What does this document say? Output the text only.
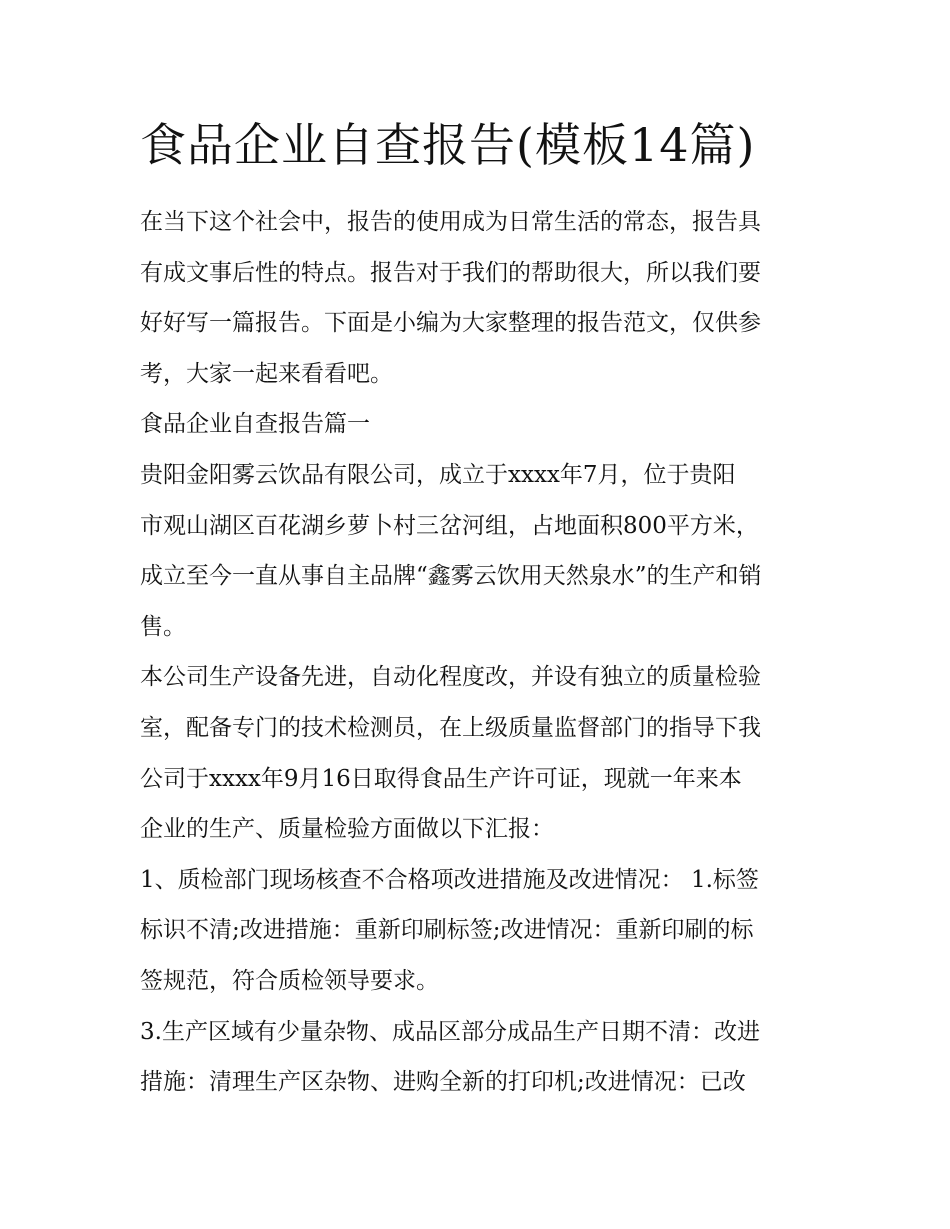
食品企业自查报告(模板14篇)
在当下这个社会中，报告的使用成为日常生活的常态，报告具
有成文事后性的特点。报告对于我们的帮助很大，所以我们要
好好写一篇报告。下面是小编为大家整理的报告范文，仅供参
考，大家一起来看看吧。
食品企业自查报告篇一
贵阳金阳雾云饮品有限公司，成立于xxxx年7月，位于贵阳
市观山湖区百花湖乡萝卜村三岔河组，占地面积800平方米，
成立至今一直从事自主品牌“鑫雾云饮用天然泉水”的生产和销
售。
本公司生产设备先进，自动化程度改，并设有独立的质量检验
室，配备专门的技术检测员，在上级质量监督部门的指导下我
公司于xxxx年9月16日取得食品生产许可证，现就一年来本
企业的生产、质量检验方面做以下汇报：
1、质检部门现场核查不合格项改进措施及改进情况： 1.标签
标识不清;改进措施：重新印刷标签;改进情况：重新印刷的标
签规范，符合质检领导要求。
3.生产区域有少量杂物、成品区部分成品生产日期不清：改进
措施：清理生产区杂物、进购全新的打印机;改进情况：已改
